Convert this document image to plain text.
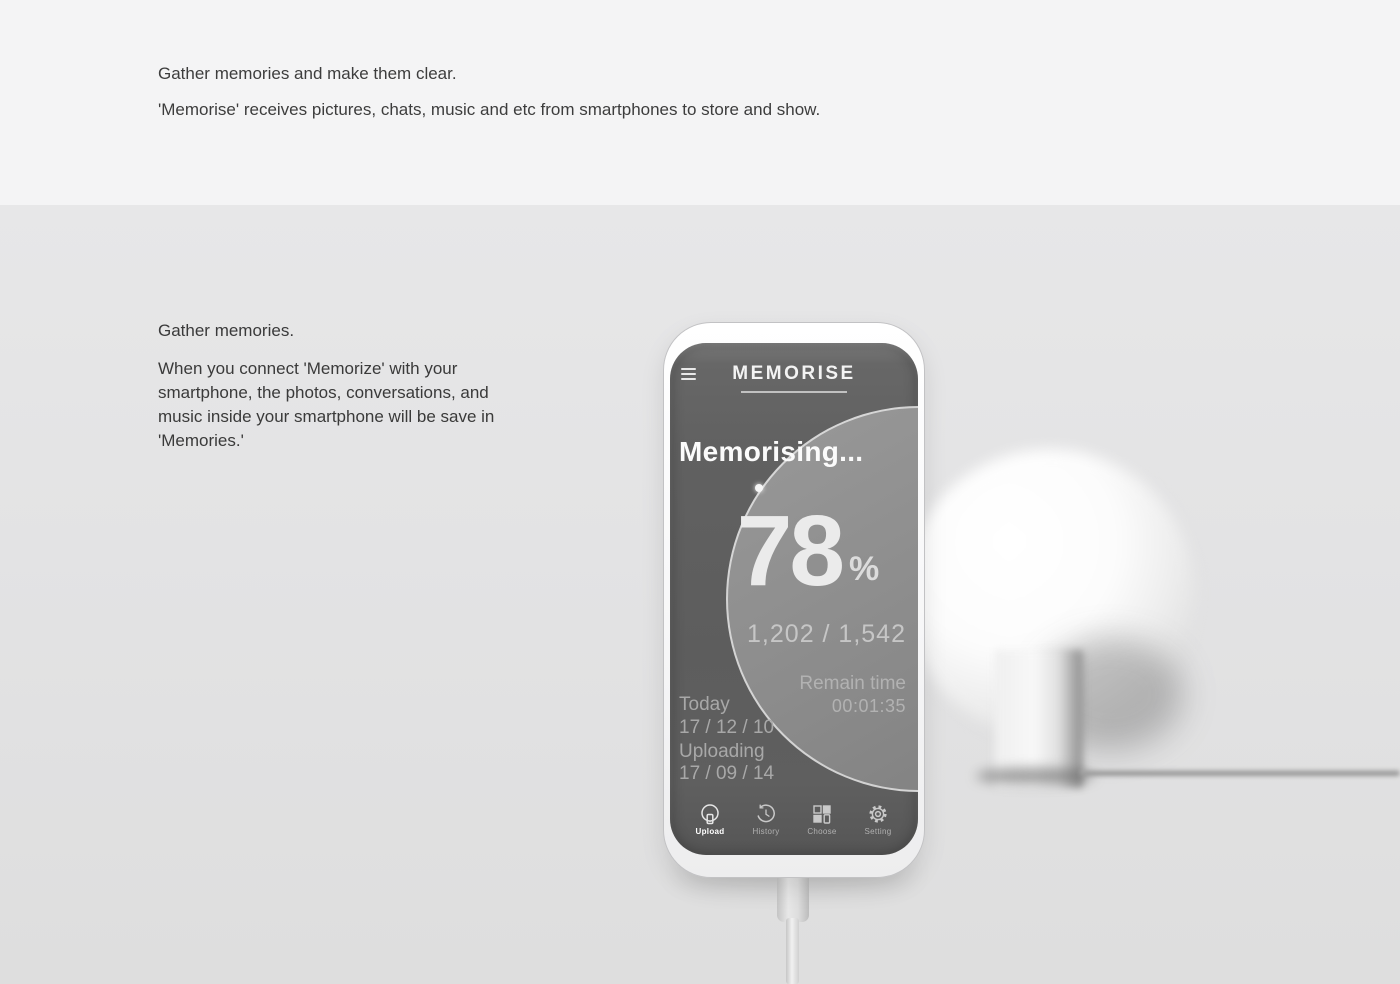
Gather memories and make them clear.
'Memorise' receives pictures, chats, music and etc from smartphones to store and show.
Gather memories.
When you connect 'Memorize' with your
smartphone, the photos, conversations, and
music inside your smartphone will be save in
'Memories.'
MEMORISE
Memorising...
78 %
1,202 / 1,542
Remain time
00:01:35
Today
17 / 12 / 10
Uploading
17 / 09 / 14
Upload	History	Choose	Setting
